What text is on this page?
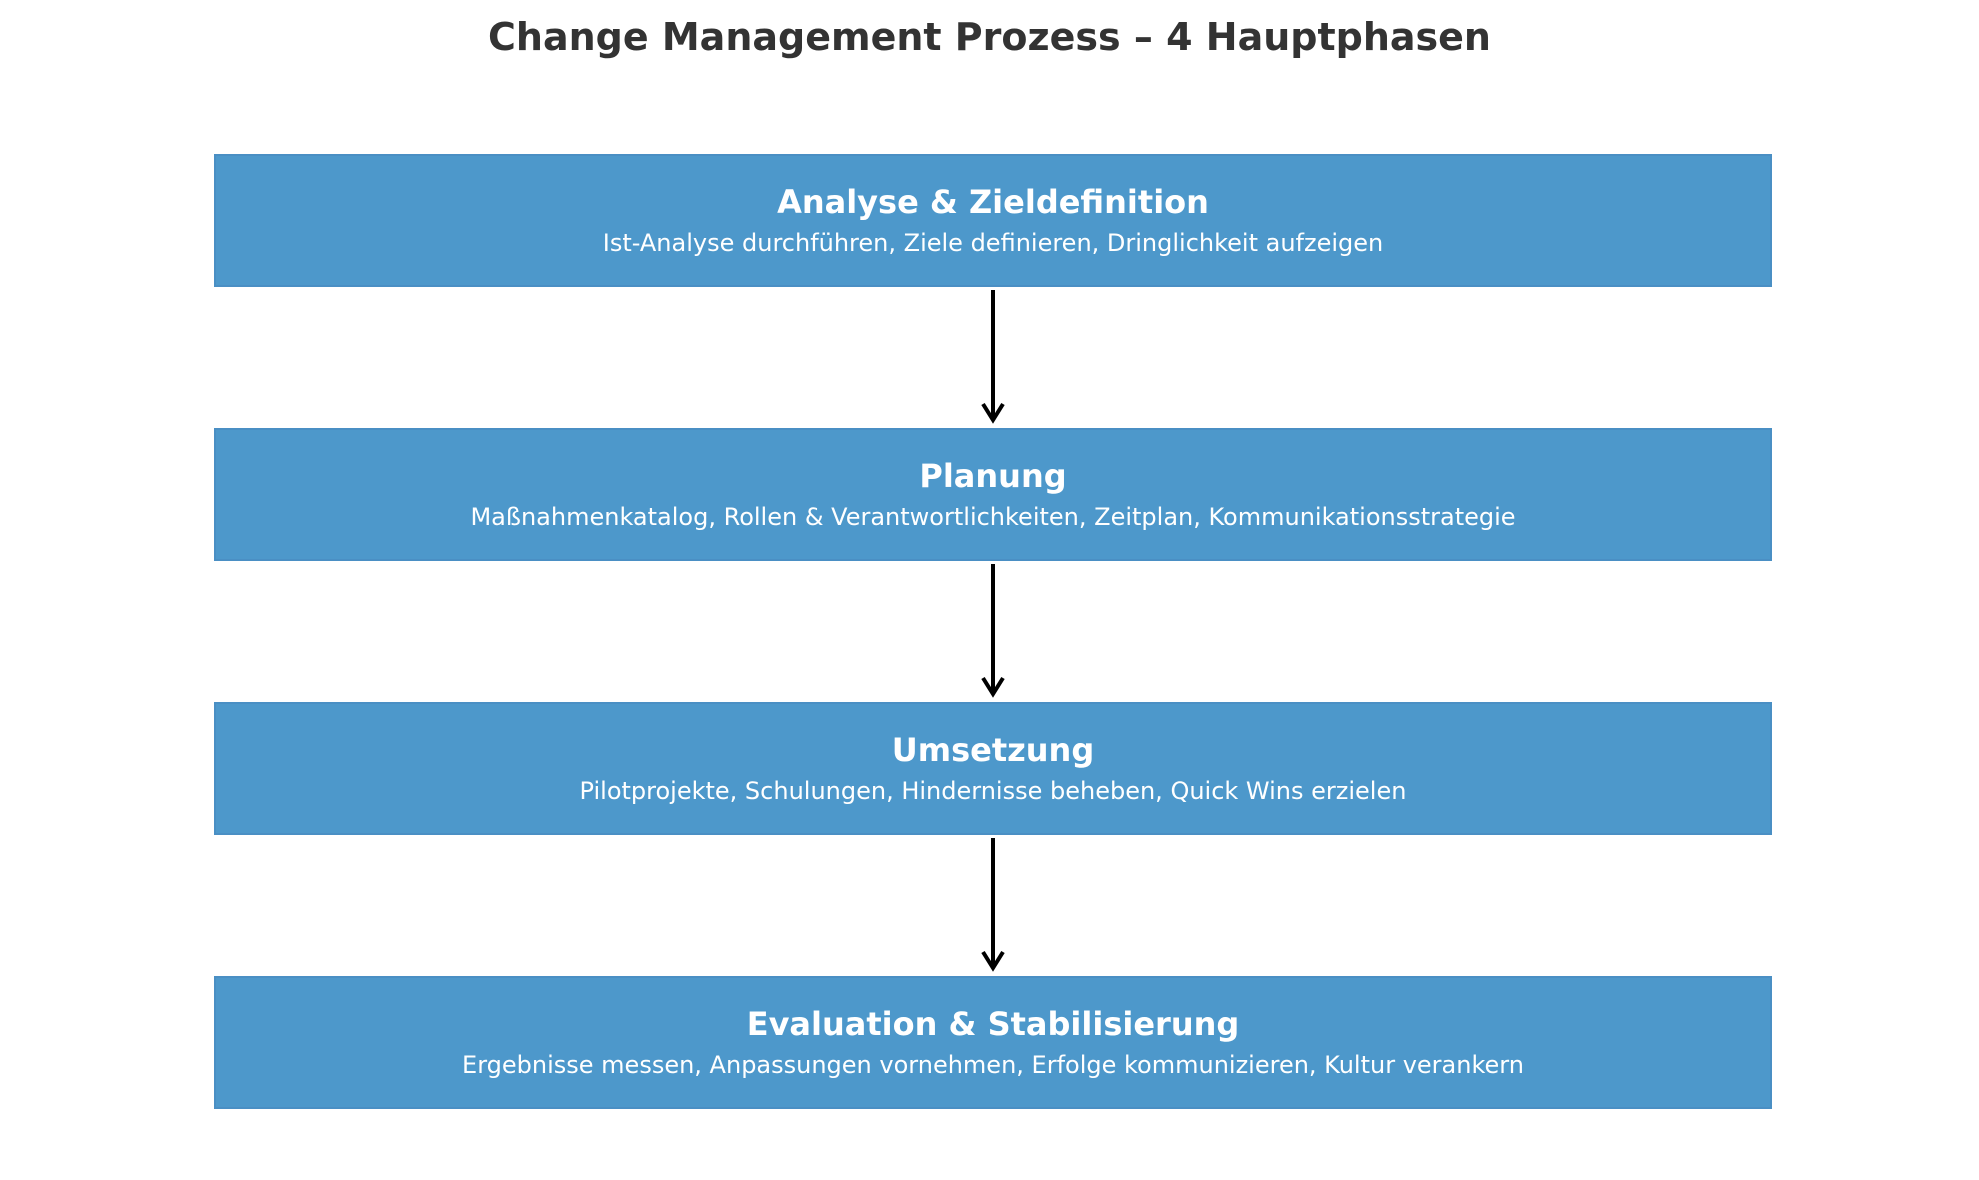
Change Management Prozess – 4 Hauptphasen
Analyse & Zieldefinition
Ist-Analyse durchführen, Ziele definieren, Dringlichkeit aufzeigen
Planung
Maßnahmenkatalog, Rollen & Verantwortlichkeiten, Zeitplan, Kommunikationsstrategie
Umsetzung
Pilotprojekte, Schulungen, Hindernisse beheben, Quick Wins erzielen
Evaluation & Stabilisierung
Ergebnisse messen, Anpassungen vornehmen, Erfolge kommunizieren, Kultur verankern
